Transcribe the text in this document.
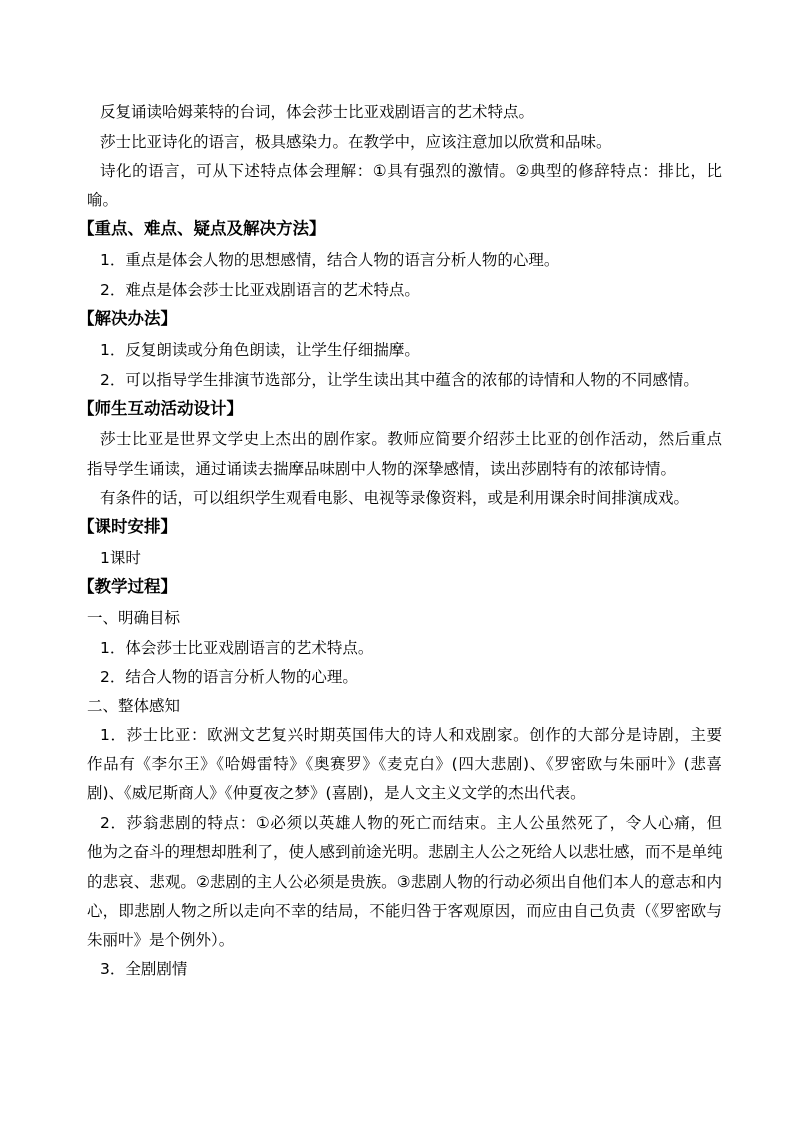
反复诵读哈姆莱特的台词，体会莎士比亚戏剧语言的艺术特点。
莎士比亚诗化的语言，极具感染力。在教学中，应该注意加以欣赏和品味。
诗化的语言，可从下述特点体会理解：①具有强烈的激情。②典型的修辞特点：排比，比
喻。
【重点、难点、疑点及解决方法】
1．重点是体会人物的思想感情，结合人物的语言分析人物的心理。
2．难点是体会莎士比亚戏剧语言的艺术特点。
【解决办法】
1．反复朗读或分角色朗读，让学生仔细揣摩。
2．可以指导学生排演节选部分，让学生读出其中蕴含的浓郁的诗情和人物的不同感情。
【师生互动活动设计】
莎士比亚是世界文学史上杰出的剧作家。教师应简要介绍莎土比亚的创作活动，然后重点
指导学生诵读，通过诵读去揣摩品味剧中人物的深挚感情，读出莎剧特有的浓郁诗情。
有条件的话，可以组织学生观看电影、电视等录像资料，或是利用课余时间排演成戏。
【课时安排】
1课时
【教学过程】
一、明确目标
1．体会莎士比亚戏剧语言的艺术特点。
2．结合人物的语言分析人物的心理。
二、整体感知
1．莎士比亚：欧洲文艺复兴时期英国伟大的诗人和戏剧家。创作的大部分是诗剧，主要
作品有《李尔王》《哈姆雷特》《奥赛罗》《麦克白》(四大悲剧)、《罗密欧与朱丽叶》(悲喜
剧)、《威尼斯商人》《仲夏夜之梦》(喜剧)，是人文主义文学的杰出代表。
2．莎翁悲剧的特点：①必须以英雄人物的死亡而结束。主人公虽然死了，令人心痛，但
他为之奋斗的理想却胜利了，使人感到前途光明。悲剧主人公之死给人以悲壮感，而不是单纯
的悲哀、悲观。②悲剧的主人公必须是贵族。③悲剧人物的行动必须出自他们本人的意志和内
心，即悲剧人物之所以走向不幸的结局，不能归咎于客观原因，而应由自己负责（《罗密欧与
朱丽叶》是个例外）。
3．全剧剧情
